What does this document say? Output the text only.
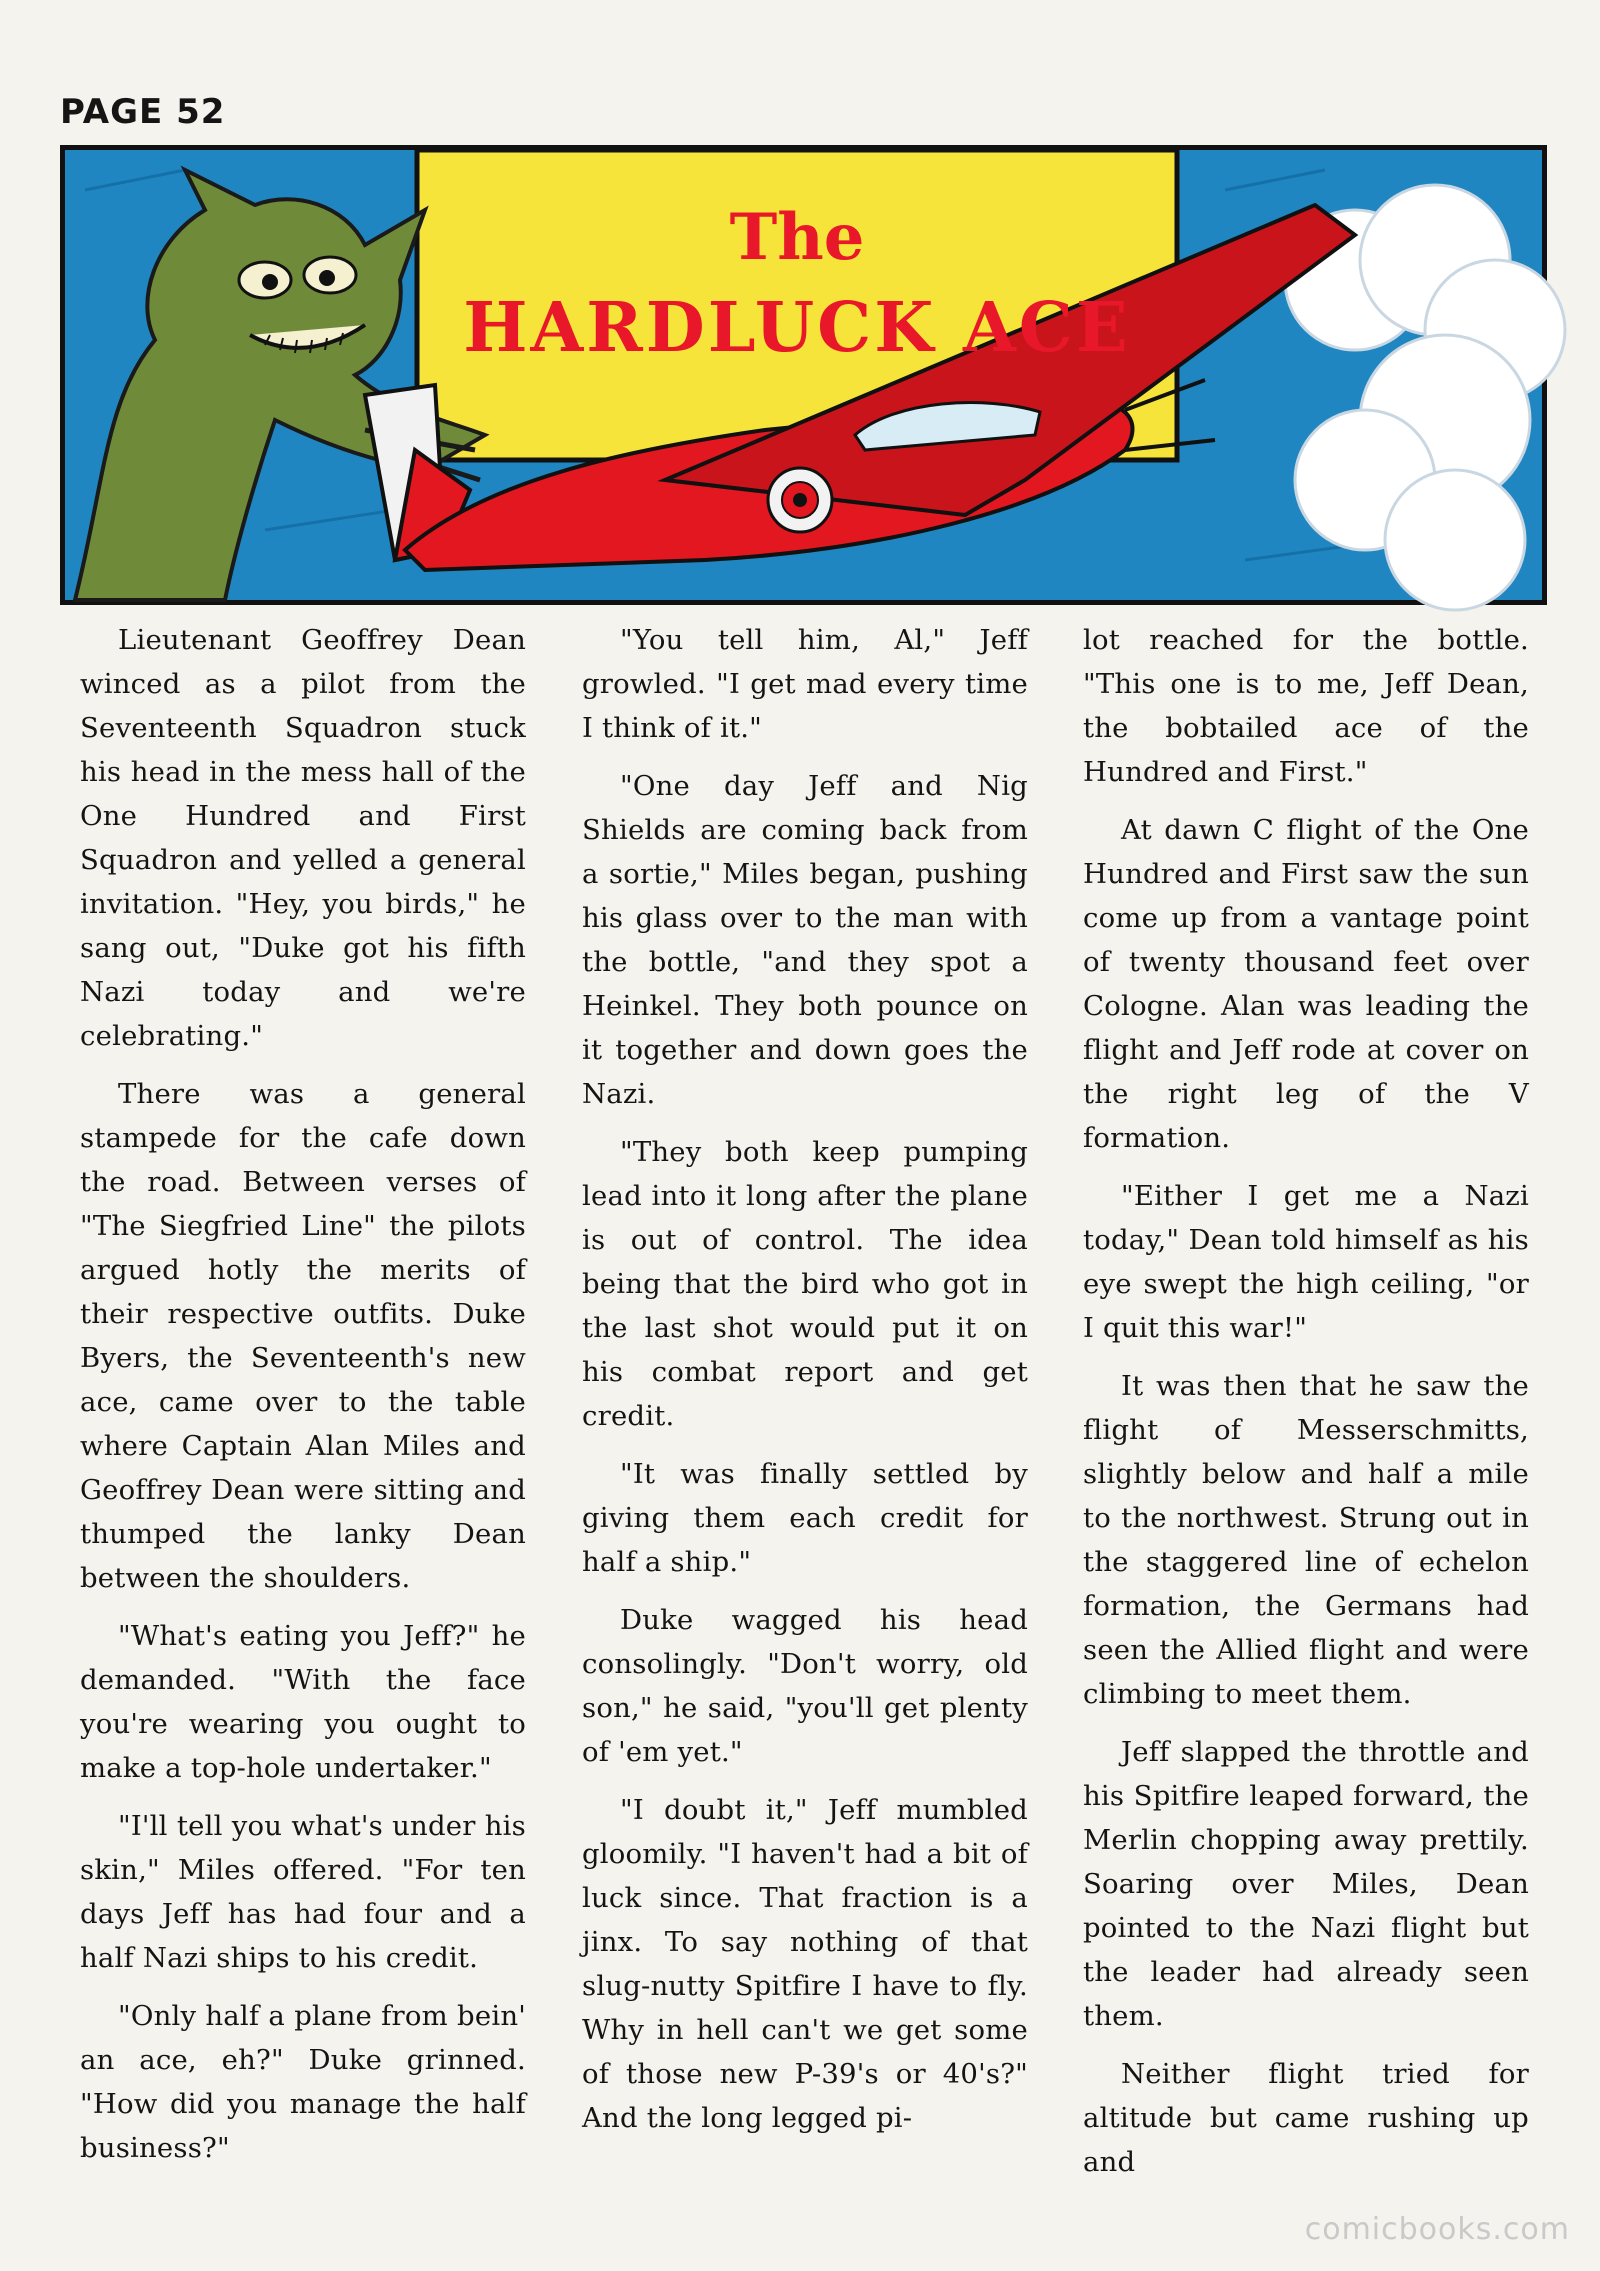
PAGE 52
The
HARDLUCK ACE

Lieutenant Geoffrey Dean winced as a pilot from the Seventeenth Squadron stuck his head in the mess hall of the One Hundred and First Squadron and yelled a general invitation. "Hey, you birds," he sang out, "Duke got his fifth Nazi today and we're celebrating."

There was a general stampede for the cafe down the road. Between verses of "The Siegfried Line" the pilots argued hotly the merits of their respective outfits. Duke Byers, the Seventeenth's new ace, came over to the table where Captain Alan Miles and Geoffrey Dean were sitting and thumped the lanky Dean between the shoulders.

"What's eating you Jeff?" he demanded. "With the face you're wearing you ought to make a top-hole undertaker."

"I'll tell you what's under his skin," Miles offered. "For ten days Jeff has had four and a half Nazi ships to his credit.

"Only half a plane from bein' an ace, eh?" Duke grinned. "How did you manage the half business?"

"You tell him, Al," Jeff growled. "I get mad every time I think of it."

"One day Jeff and Nig Shields are coming back from a sortie," Miles began, pushing his glass over to the man with the bottle, "and they spot a Heinkel. They both pounce on it together and down goes the Nazi.

"They both keep pumping lead into it long after the plane is out of control. The idea being that the bird who got in the last shot would put it on his combat report and get credit.

"It was finally settled by giving them each credit for half a ship."

Duke wagged his head consolingly. "Don't worry, old son," he said, "you'll get plenty of 'em yet."

"I doubt it," Jeff mumbled gloomily. "I haven't had a bit of luck since. That fraction is a jinx. To say nothing of that slug-nutty Spitfire I have to fly. Why in hell can't we get some of those new P-39's or 40's?" And the long legged pi-

lot reached for the bottle. "This one is to me, Jeff Dean, the bobtailed ace of the Hundred and First."

At dawn C flight of the One Hundred and First saw the sun come up from a vantage point of twenty thousand feet over Cologne. Alan was leading the flight and Jeff rode at cover on the right leg of the V formation.

"Either I get me a Nazi today," Dean told himself as his eye swept the high ceiling, "or I quit this war!"

It was then that he saw the flight of Messerschmitts, slightly below and half a mile to the northwest. Strung out in the staggered line of echelon formation, the Germans had seen the Allied flight and were climbing to meet them.

Jeff slapped the throttle and his Spitfire leaped forward, the Merlin chopping away prettily. Soaring over Miles, Dean pointed to the Nazi flight but the leader had already seen them.

Neither flight tried for altitude but came rushing up and

comicbooks.com
